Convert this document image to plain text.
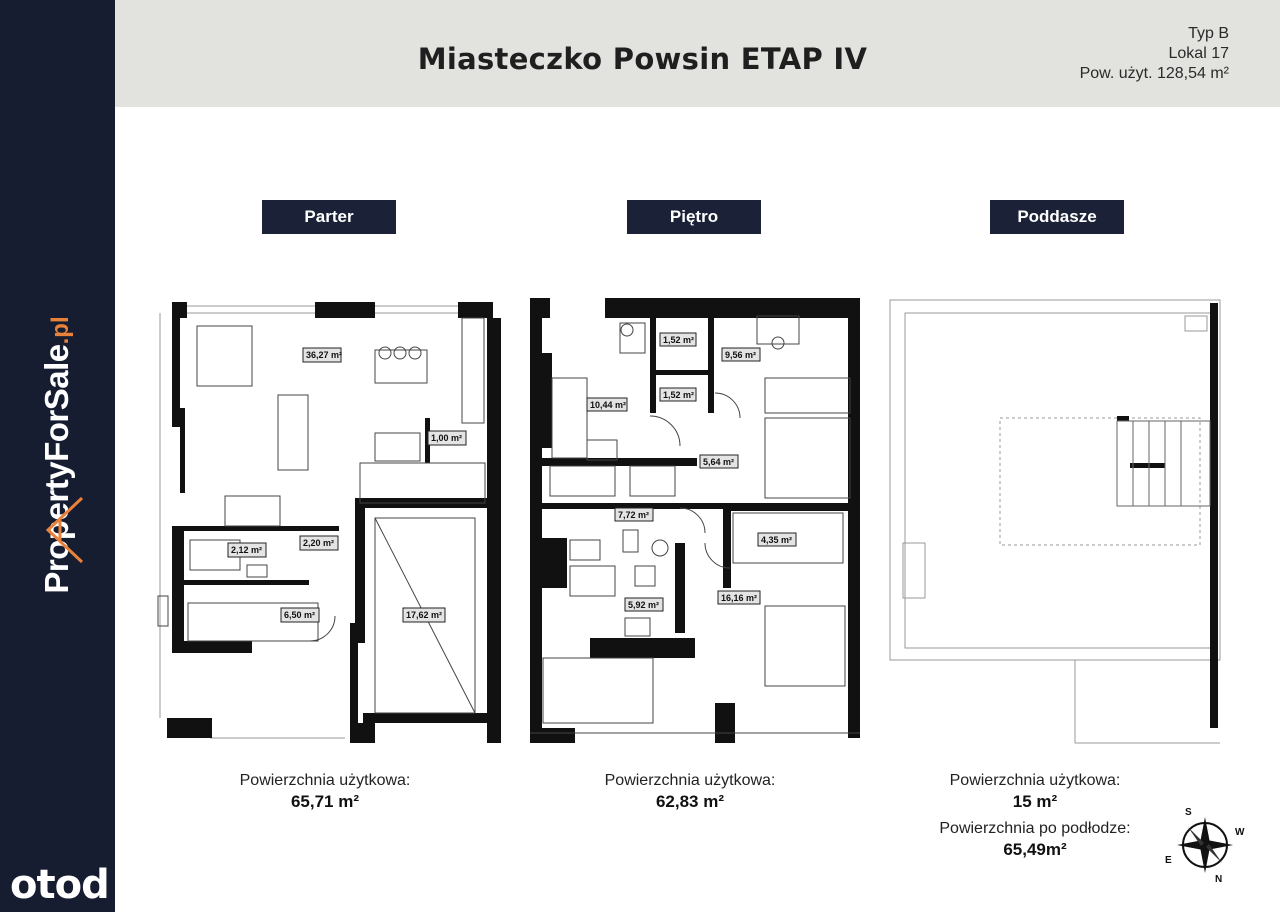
PropertyForSale.pl
otod
Miasteczko Powsin ETAP IV
Typ B
Lokal 17
Pow. użyt. 128,54 m²
Parter	Piętro	Poddasze
36,27 m²
1,00 m²
2,12 m²
2,20 m²
6,50 m²	17,62 m²
1,52 m²
9,56 m²
10,44 m²
1,52 m²
5,64 m²
7,72 m²
4,35 m²
5,92 m²
16,16 m²
Powierzchnia użytkowa:
65,71 m²
Powierzchnia użytkowa:
62,83 m²
Powierzchnia użytkowa:
15 m²
Powierzchnia po podłodze:
65,49m²
S
W
N
E
